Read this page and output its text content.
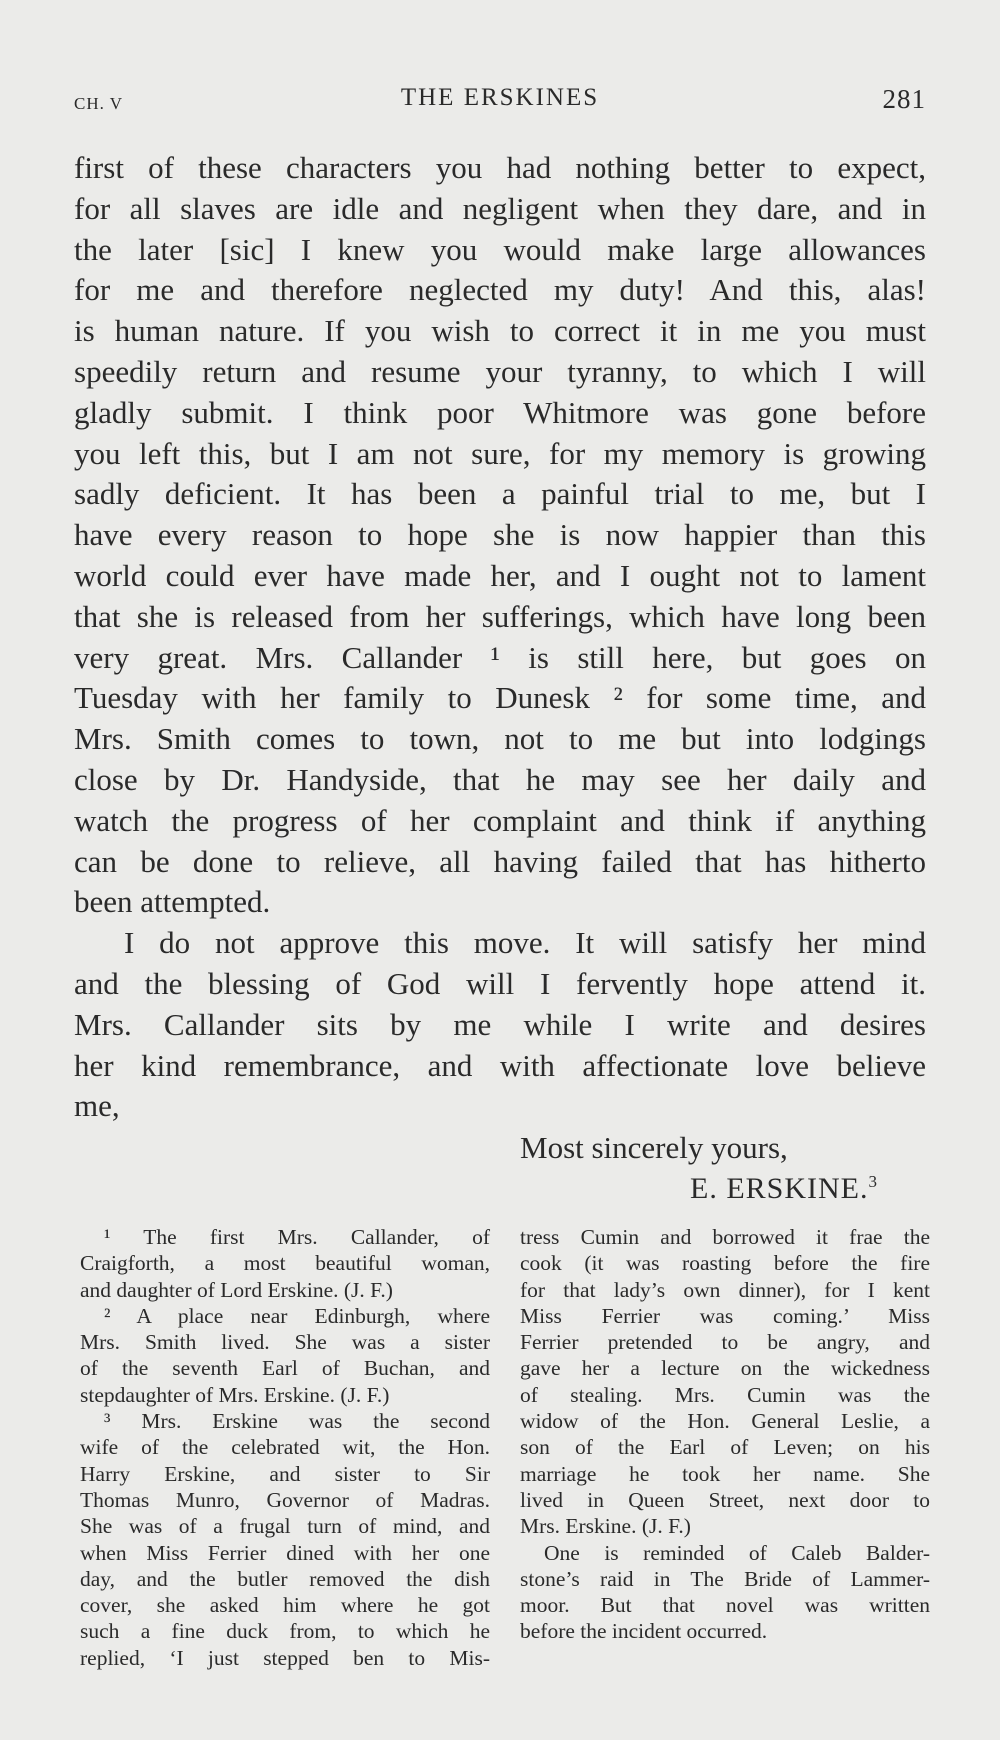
CH. V	THE ERSKINES	281
first of these characters you had nothing better to expect,
for all slaves are idle and negligent when they dare, and in
the later [sic] I knew you would make large allowances
for me and therefore neglected my duty! And this, alas!
is human nature. If you wish to correct it in me you must
speedily return and resume your tyranny, to which I will
gladly submit. I think poor Whitmore was gone before
you left this, but I am not sure, for my memory is growing
sadly deficient. It has been a painful trial to me, but I
have every reason to hope she is now happier than this
world could ever have made her, and I ought not to lament
that she is released from her sufferings, which have long been
very great. Mrs. Callander ¹ is still here, but goes on
Tuesday with her family to Dunesk ² for some time, and
Mrs. Smith comes to town, not to me but into lodgings
close by Dr. Handyside, that he may see her daily and
watch the progress of her complaint and think if anything
can be done to relieve, all having failed that has hitherto
been attempted.
I do not approve this move. It will satisfy her mind
and the blessing of God will I fervently hope attend it.
Mrs. Callander sits by me while I write and desires
her kind remembrance, and with affectionate love believe
me,
Most sincerely yours,
E. ERSKINE.$^3$
¹ The first Mrs. Callander, of
Craigforth, a most beautiful woman,
and daughter of Lord Erskine. (J. F.)
² A place near Edinburgh, where
Mrs. Smith lived. She was a sister
of the seventh Earl of Buchan, and
stepdaughter of Mrs. Erskine. (J. F.)
³ Mrs. Erskine was the second
wife of the celebrated wit, the Hon.
Harry Erskine, and sister to Sir
Thomas Munro, Governor of Madras.
She was of a frugal turn of mind, and
when Miss Ferrier dined with her one
day, and the butler removed the dish
cover, she asked him where he got
such a fine duck from, to which he
replied, ‘I just stepped ben to Mis-
tress Cumin and borrowed it frae the
cook (it was roasting before the fire
for that lady’s own dinner), for I kent
Miss Ferrier was coming.’ Miss
Ferrier pretended to be angry, and
gave her a lecture on the wickedness
of stealing. Mrs. Cumin was the
widow of the Hon. General Leslie, a
son of the Earl of Leven; on his
marriage he took her name. She
lived in Queen Street, next door to
Mrs. Erskine. (J. F.)
One is reminded of Caleb Balder-
stone’s raid in The Bride of Lammer-
moor. But that novel was written
before the incident occurred.
